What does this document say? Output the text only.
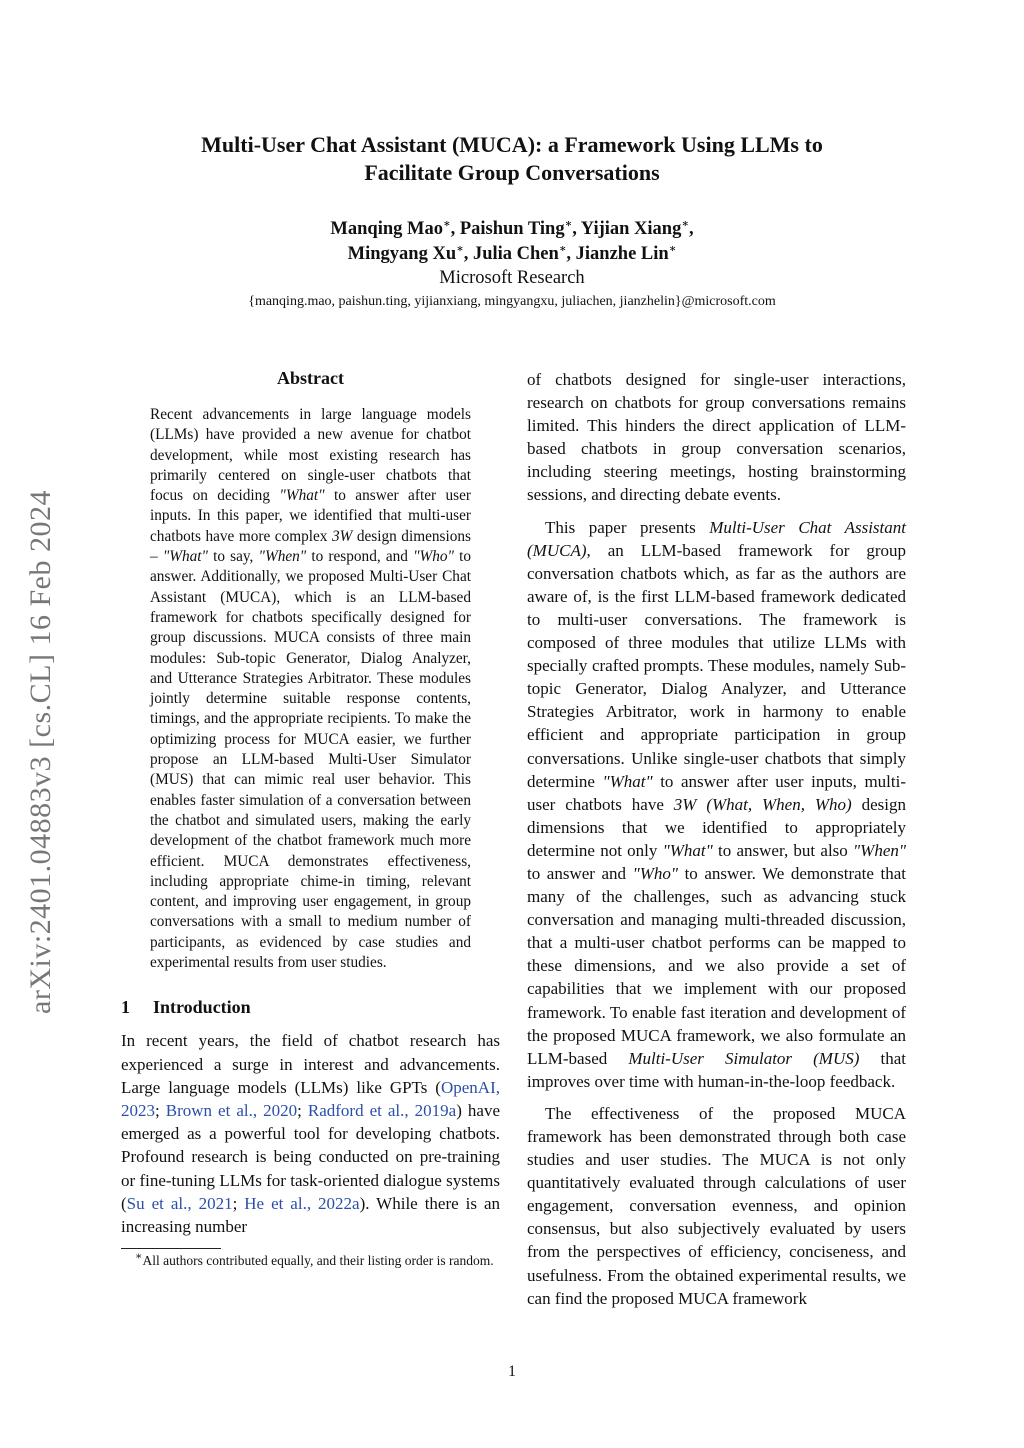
Multi-User Chat Assistant (MUCA): a Framework Using LLMs to
Facilitate Group Conversations
Manqing Mao∗, Paishun Ting∗, Yijian Xiang∗,
Mingyang Xu∗, Julia Chen∗, Jianzhe Lin∗
Microsoft Research
{manqing.mao, paishun.ting, yijianxiang, mingyangxu, juliachen, jianzhelin}@microsoft.com
arXiv:2401.04883v3 [cs.CL] 16 Feb 2024
Abstract
Recent advancements in large language models (LLMs) have provided a new avenue for chatbot development, while most existing research has primarily centered on single-user chatbots that focus on deciding "What" to answer after user inputs. In this paper, we identified that multi-user chatbots have more complex 3W design dimensions – "What" to say, "When" to respond, and "Who" to answer. Additionally, we proposed Multi-User Chat Assistant (MUCA), which is an LLM-based framework for chatbots specifically designed for group discussions. MUCA consists of three main modules: Sub-topic Generator, Dialog Analyzer, and Utterance Strategies Arbitrator. These modules jointly determine suitable response contents, timings, and the appropriate recipients. To make the optimizing process for MUCA easier, we further propose an LLM-based Multi-User Simulator (MUS) that can mimic real user behavior. This enables faster simulation of a conversation between the chatbot and simulated users, making the early development of the chatbot framework much more efficient. MUCA demonstrates effectiveness, including appropriate chime-in timing, relevant content, and improving user engagement, in group conversations with a small to medium number of participants, as evidenced by case studies and experimental results from user studies.
1 Introduction

In recent years, the field of chatbot research has experienced a surge in interest and advancements. Large language models (LLMs) like GPTs (OpenAI, 2023; Brown et al., 2020; Radford et al., 2019a) have emerged as a powerful tool for developing chatbots. Profound research is being conducted on pre-training or fine-tuning LLMs for task-oriented dialogue systems (Su et al., 2021; He et al., 2022a). While there is an increasing number

∗All authors contributed equally, and their listing order is random.

of chatbots designed for single-user interactions, research on chatbots for group conversations remains limited. This hinders the direct application of LLM-based chatbots in group conversation scenarios, including steering meetings, hosting brainstorming sessions, and directing debate events.

This paper presents Multi-User Chat Assistant (MUCA), an LLM-based framework for group conversation chatbots which, as far as the authors are aware of, is the first LLM-based framework dedicated to multi-user conversations. The framework is composed of three modules that utilize LLMs with specially crafted prompts. These modules, namely Sub-topic Generator, Dialog Analyzer, and Utterance Strategies Arbitrator, work in harmony to enable efficient and appropriate participation in group conversations. Unlike single-user chatbots that simply determine "What" to answer after user inputs, multi-user chatbots have 3W (What, When, Who) design dimensions that we identified to appropriately determine not only "What" to answer, but also "When" to answer and "Who" to answer. We demonstrate that many of the challenges, such as advancing stuck conversation and managing multi-threaded discussion, that a multi-user chatbot performs can be mapped to these dimensions, and we also provide a set of capabilities that we implement with our proposed framework. To enable fast iteration and development of the proposed MUCA framework, we also formulate an LLM-based Multi-User Simulator (MUS) that improves over time with human-in-the-loop feedback.

The effectiveness of the proposed MUCA framework has been demonstrated through both case studies and user studies. The MUCA is not only quantitatively evaluated through calculations of user engagement, conversation evenness, and opinion consensus, but also subjectively evaluated by users from the perspectives of efficiency, conciseness, and usefulness. From the obtained experimental results, we can find the proposed MUCA framework

1
